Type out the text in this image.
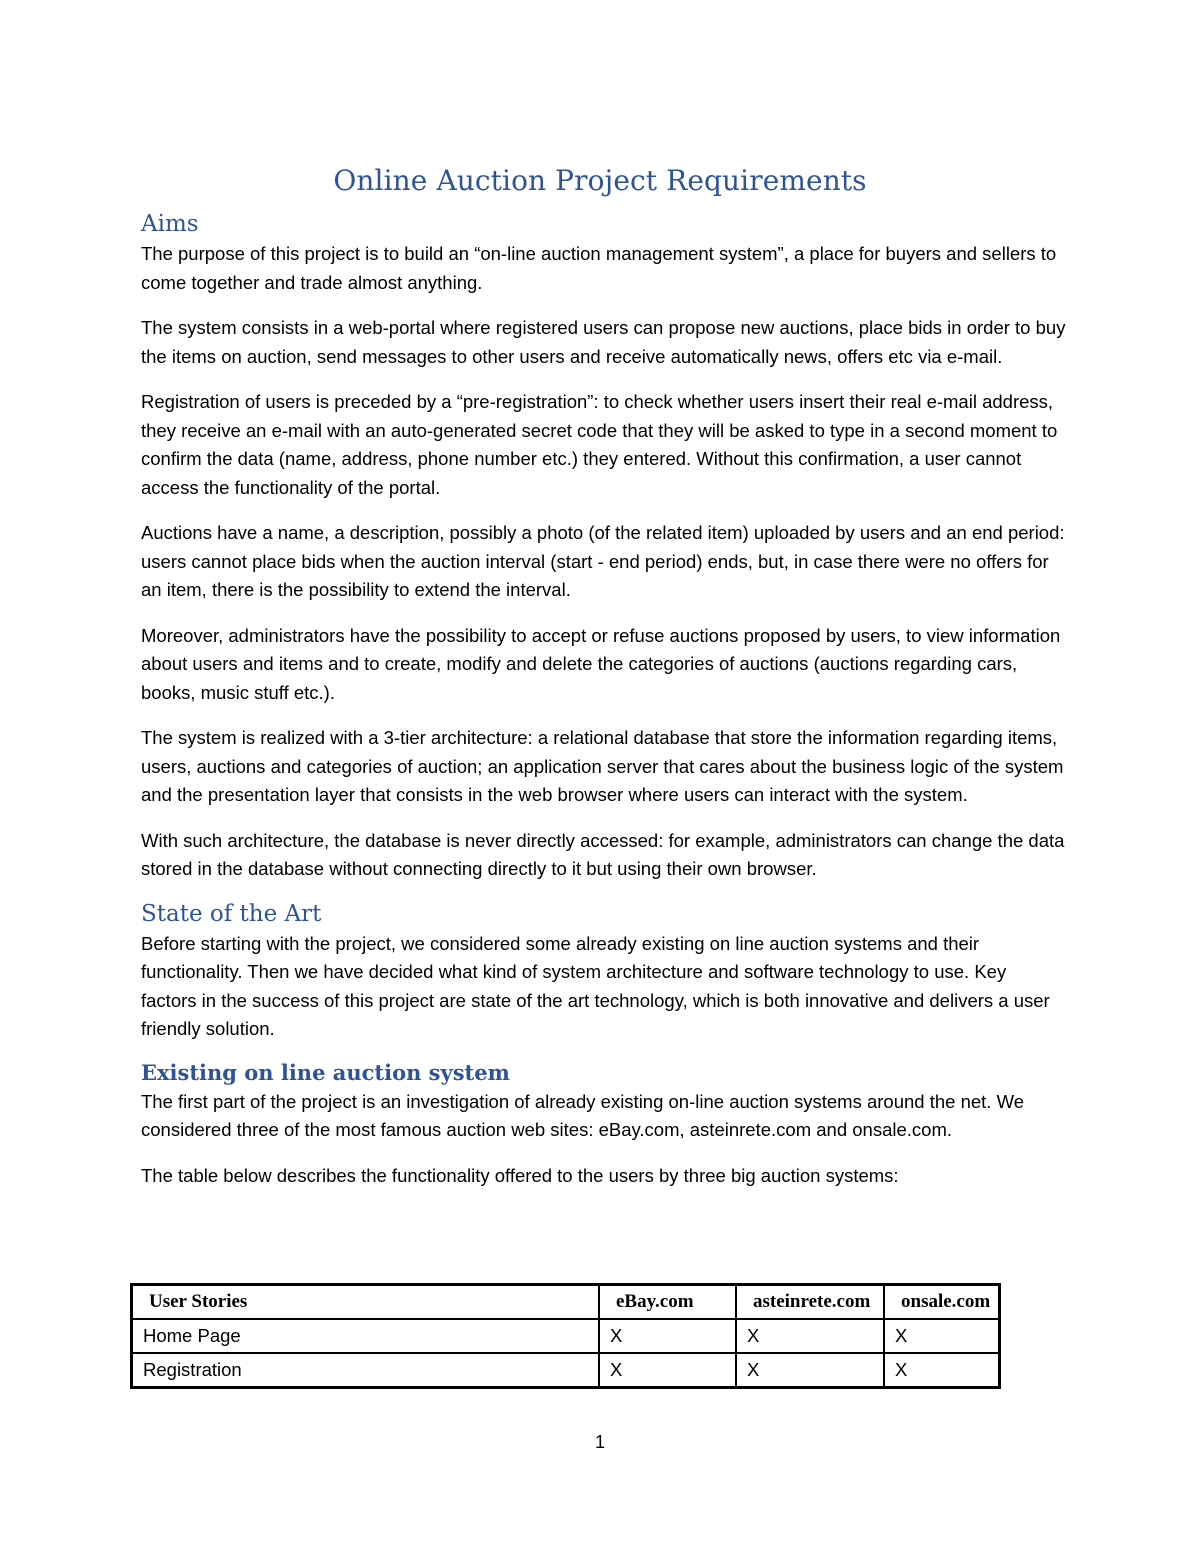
Online Auction Project Requirements
Aims

The purpose of this project is to build an “on-line auction management system”, a place for buyers and sellers to come together and trade almost anything.

The system consists in a web-portal where registered users can propose new auctions, place bids in order to buy the items on auction, send messages to other users and receive automatically news, offers etc via e-mail.

Registration of users is preceded by a “pre-registration”: to check whether users insert their real e-mail address, they receive an e-mail with an auto-generated secret code that they will be asked to type in a second moment to confirm the data (name, address, phone number etc.) they entered. Without this confirmation, a user cannot access the functionality of the portal.

Auctions have a name, a description, possibly a photo (of the related item) uploaded by users and an end period: users cannot place bids when the auction interval (start - end period) ends, but, in case there were no offers for an item, there is the possibility to extend the interval.

Moreover, administrators have the possibility to accept or refuse auctions proposed by users, to view information about users and items and to create, modify and delete the categories of auctions (auctions regarding cars, books, music stuff etc.).

The system is realized with a 3-tier architecture: a relational database that store the information regarding items, users, auctions and categories of auction; an application server that cares about the business logic of the system and the presentation layer that consists in the web browser where users can interact with the system.

With such architecture, the database is never directly accessed: for example, administrators can change the data stored in the database without connecting directly to it but using their own browser.

State of the Art

Before starting with the project, we considered some already existing on line auction systems and their functionality. Then we have decided what kind of system architecture and software technology to use. Key factors in the success of this project are state of the art technology, which is both innovative and delivers a user friendly solution.

Existing on line auction system

The first part of the project is an investigation of already existing on-line auction systems around the net. We considered three of the most famous auction web sites: eBay.com, asteinrete.com and onsale.com.

The table below describes the functionality offered to the users by three big auction systems:

User Stories	eBay.com	asteinrete.com	onsale.com
Home Page	X	X	X
Registration	X	X	X
1
